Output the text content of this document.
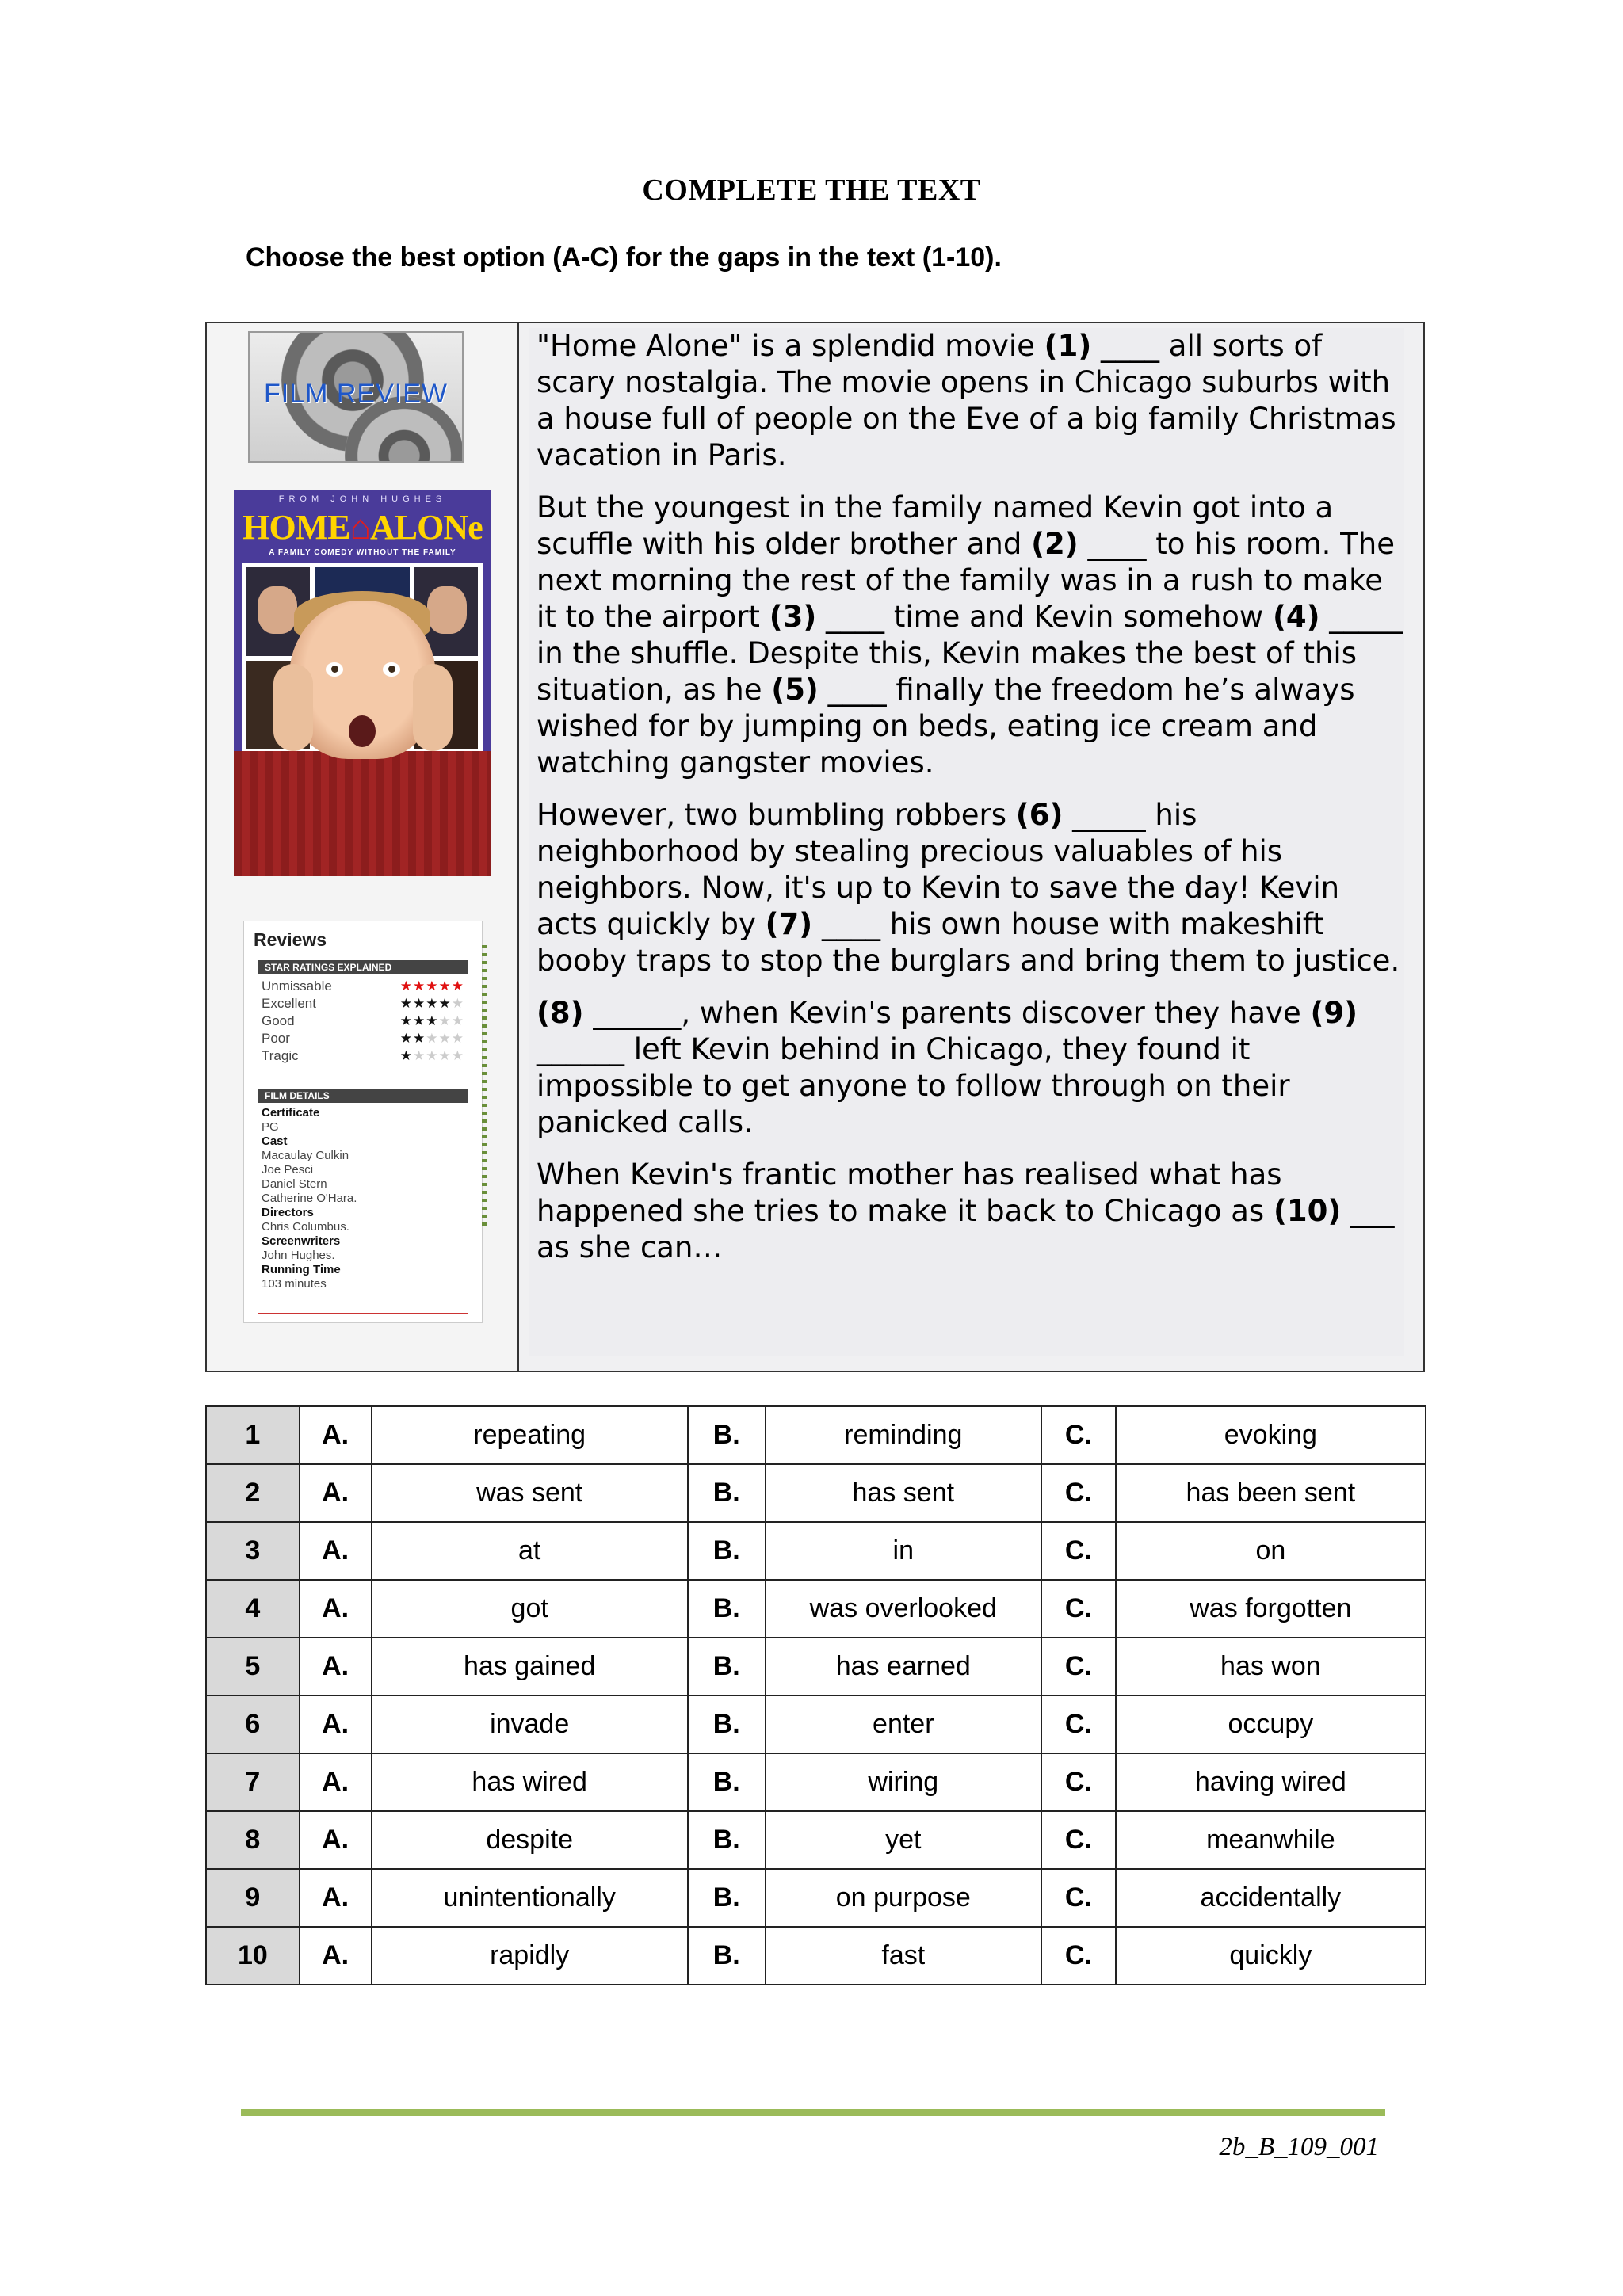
COMPLETE THE TEXT
Choose the best option (A-C) for the gaps in the text (1-10).
FILM REVIEW
FROM JOHN HUGHES
HOME⌂ALONe
A FAMILY COMEDY WITHOUT THE FAMILY
Reviews
STAR RATINGS EXPLAINED
Unmissable	★★★★★
Excellent	★★★★★
Good	★★★★★
Poor	★★★★★
Tragic	★★★★★
FILM DETAILS
Certificate
PG
Cast
Macaulay Culkin
Joe Pesci
Daniel Stern
Catherine O'Hara.
Directors
Chris Columbus.
Screenwriters
John Hughes.
Running Time
103 minutes

"Home Alone" is a splendid movie (1) ____ all sorts of scary nostalgia. The movie opens in Chicago suburbs with a house full of people on the Eve of a big family Christmas vacation in Paris.

But the youngest in the family named Kevin got into a scuffle with his older brother and (2) ____ to his room. The next morning the rest of the family was in a rush to make it to the airport (3) ____ time and Kevin somehow (4) _____ in the shuffle. Despite this, Kevin makes the best of this situation, as he (5) ____ finally the freedom he’s always wished for by jumping on beds, eating ice cream and watching gangster movies.

However, two bumbling robbers (6) _____ his neighborhood by stealing precious valuables of his neighbors. Now, it's up to Kevin to save the day! Kevin acts quickly by (7) ____ his own house with makeshift booby traps to stop the burglars and bring them to justice.

(8) ______, when Kevin's parents discover they have (9) ______ left Kevin behind in Chicago, they found it impossible to get anyone to follow through on their panicked calls.

When Kevin's frantic mother has realised what has happened she tries to make it back to Chicago as (10) ___ as she can…

1	A.	repeating	B.	reminding	C.	evoking
2	A.	was sent	B.	has sent	C.	has been sent
3	A.	at	B.	in	C.	on
4	A.	got	B.	was overlooked	C.	was forgotten
5	A.	has gained	B.	has earned	C.	has won
6	A.	invade	B.	enter	C.	occupy
7	A.	has wired	B.	wiring	C.	having wired
8	A.	despite	B.	yet	C.	meanwhile
9	A.	unintentionally	B.	on purpose	C.	accidentally
10	A.	rapidly	B.	fast	C.	quickly
2b_B_109_001
